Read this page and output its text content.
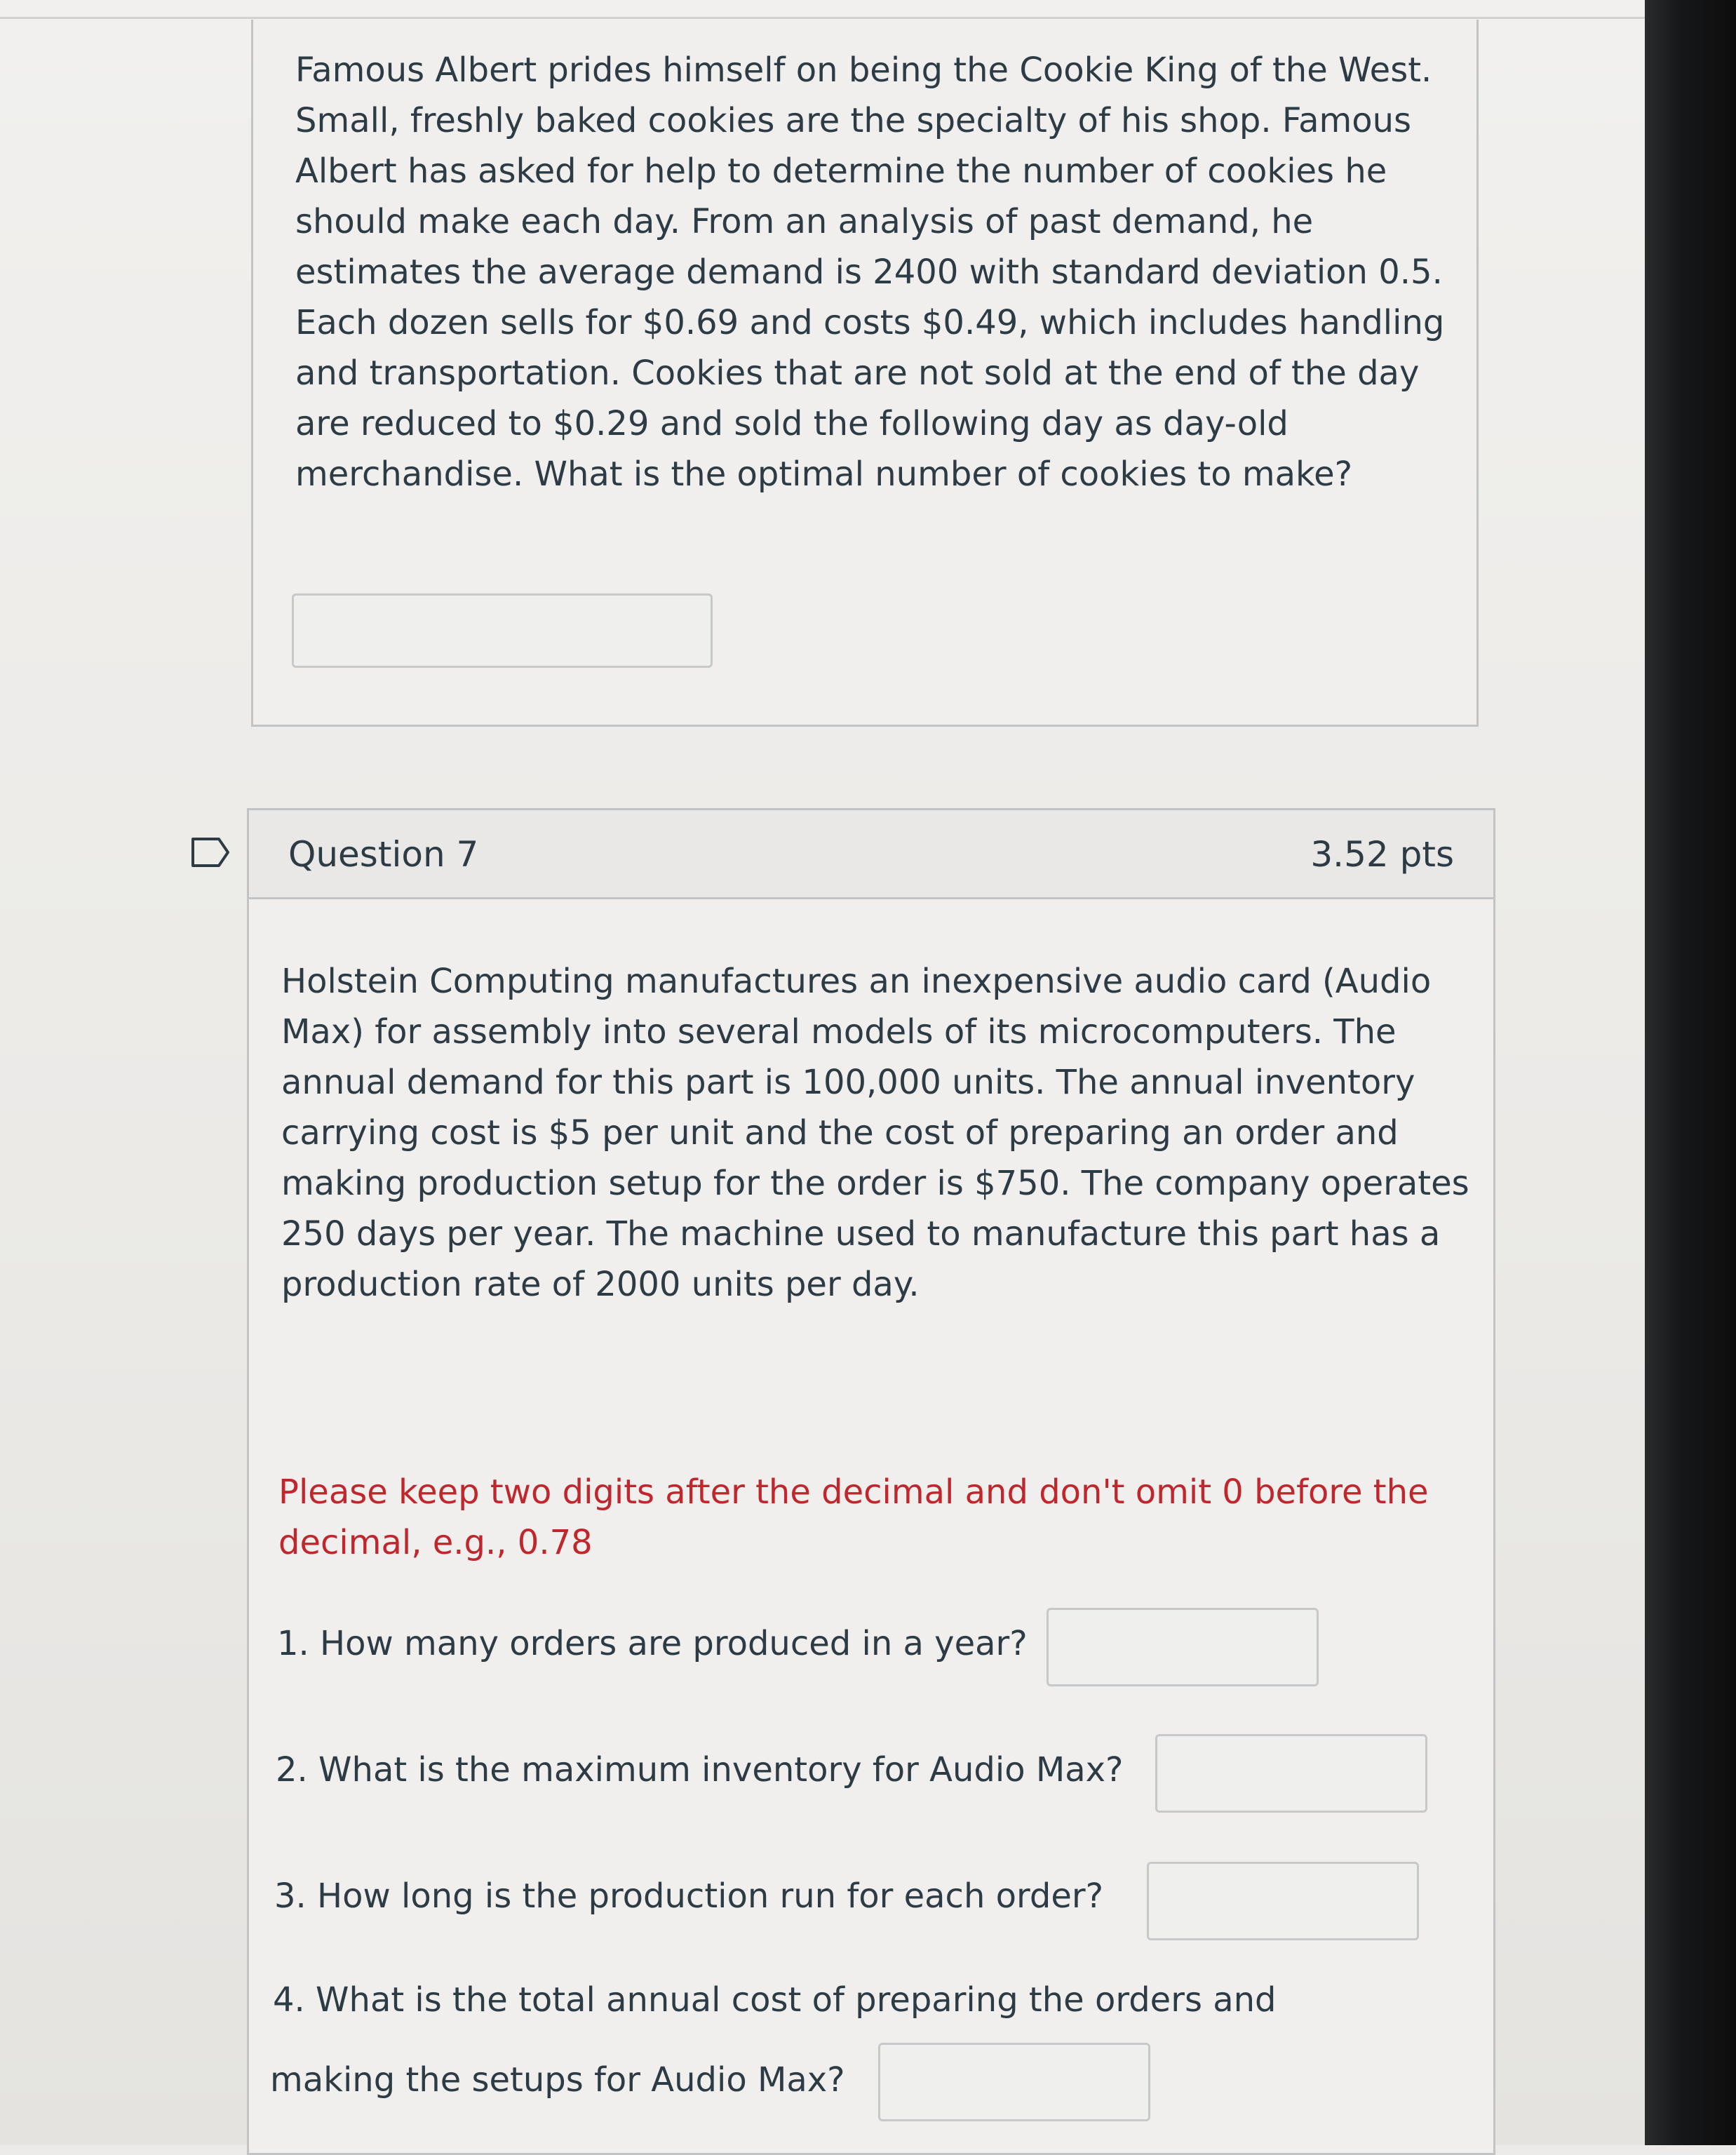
Famous Albert prides himself on being the Cookie King of the West. Small, freshly baked cookies are the specialty of his shop. Famous Albert has asked for help to determine the number of cookies he should make each day. From an analysis of past demand, he estimates the average demand is 2400 with standard deviation 0.5. Each dozen sells for $0.69 and costs $0.49, which includes handling and transportation. Cookies that are not sold at the end of the day are reduced to $0.29 and sold the following day as day-old merchandise. What is the optimal number of cookies to make?

Question 7	3.52 pts

Holstein Computing manufactures an inexpensive audio card (Audio Max) for assembly into several models of its microcomputers. The annual demand for this part is 100,000 units. The annual inventory carrying cost is $5 per unit and the cost of preparing an order and making production setup for the order is $750. The company operates 250 days per year. The machine used to manufacture this part has a production rate of 2000 units per day.

Please keep two digits after the decimal and don't omit 0 before the decimal, e.g., 0.78

1. How many orders are produced in a year?
2. What is the maximum inventory for Audio Max?
3. How long is the production run for each order?
4. What is the total annual cost of preparing the orders and
making the setups for Audio Max?
